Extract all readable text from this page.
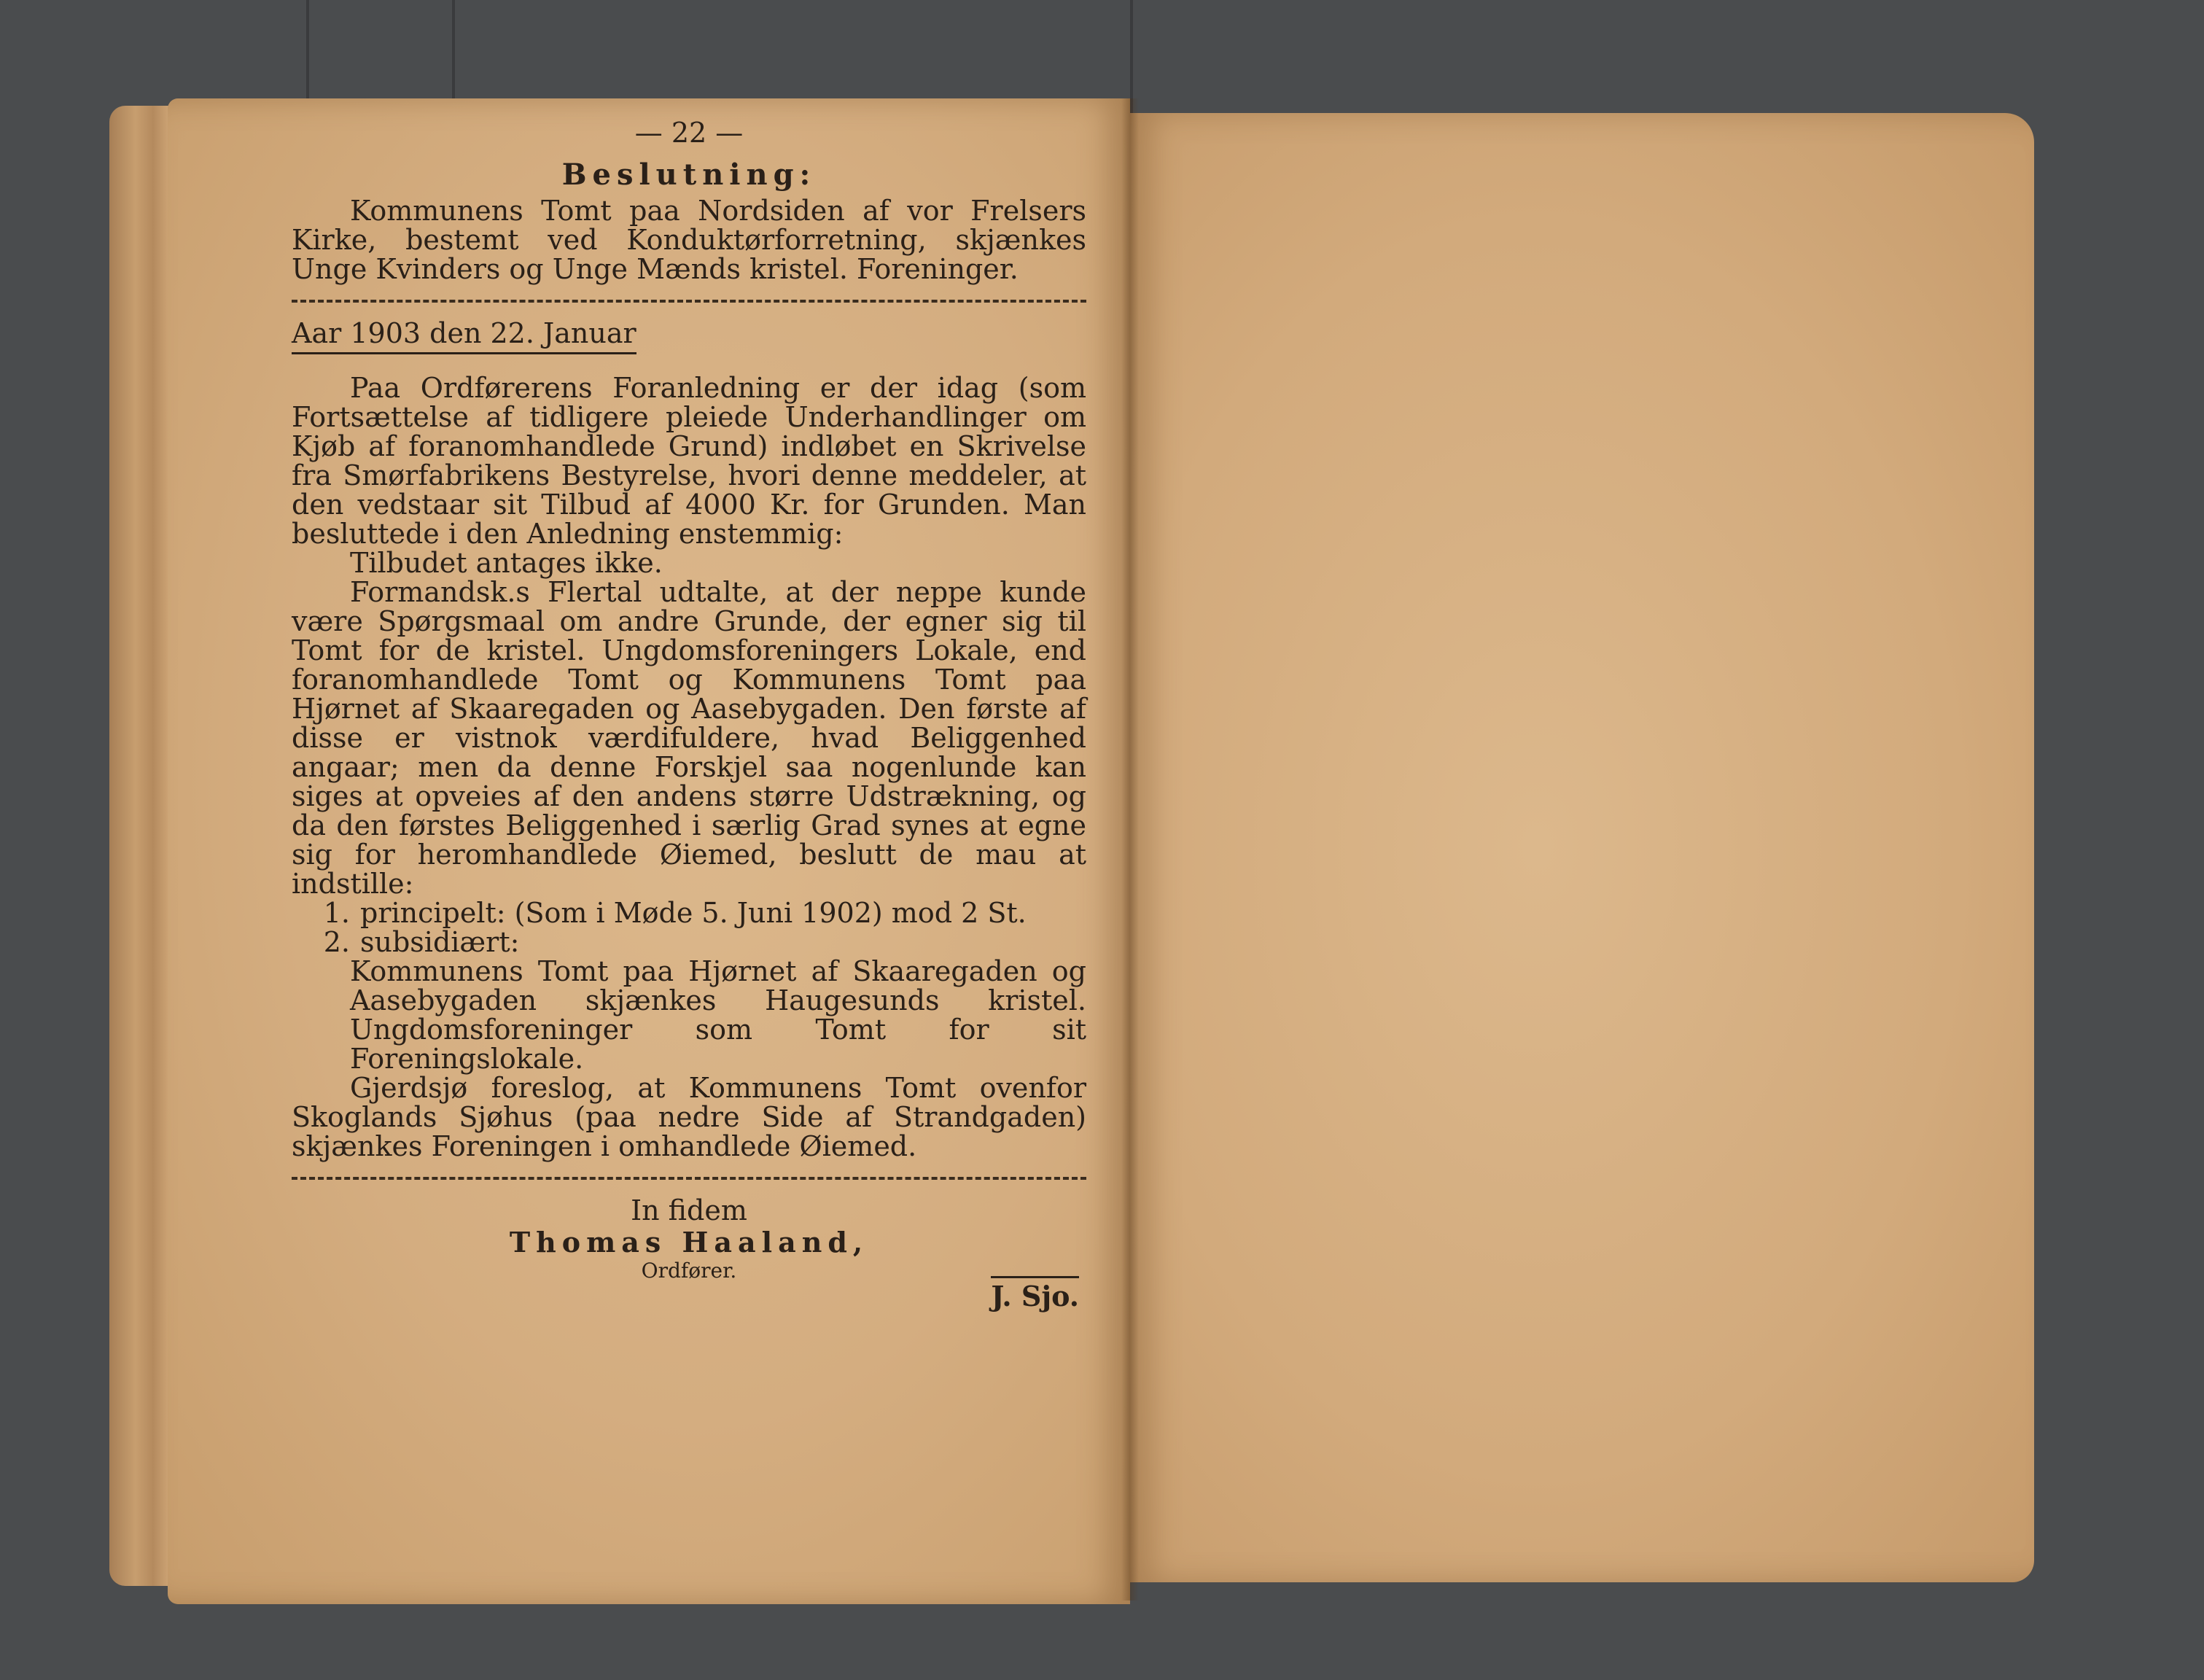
— 22 —
Beslutning:

Kommunens Tomt paa Nordsiden af vor Frelsers Kirke, bestemt ved Konduktørforretning, skjænkes Unge Kvinders og Unge Mænds kristel. Foreninger.

Aar 1903 den 22. Januar

Paa Ordførerens Foranledning er der idag (som Fortsættelse af tidligere pleiede Underhandlinger om Kjøb af foranomhandlede Grund) indløbet en Skrivelse fra Smørfabrikens Bestyrelse, hvori denne meddeler, at den vedstaar sit Tilbud af 4000 Kr. for Grunden. Man besluttede i den Anledning enstemmig:

Tilbudet antages ikke.

Formandsk.s Flertal udtalte, at der neppe kunde være Spørgsmaal om andre Grunde, der egner sig til Tomt for de kristel. Ungdomsforeningers Lokale, end foranomhandlede Tomt og Kommunens Tomt paa Hjørnet af Skaaregaden og Aasebygaden. Den første af disse er vistnok værdifuldere, hvad Beliggenhed angaar; men da denne Forskjel saa nogenlunde kan siges at opveies af den andens større Udstrækning, og da den førstes Beliggenhed i særlig Grad synes at egne sig for heromhandlede Øiemed, beslutt de mau at indstille:

1. principelt: (Som i Møde 5. Juni 1902) mod 2 St.
2. subsidiært:

Kommunens Tomt paa Hjørnet af Skaaregaden og Aasebygaden skjænkes Haugesunds kristel. Ungdomsforeninger som Tomt for sit Foreningslokale.

Gjerdsjø foreslog, at Kommunens Tomt ovenfor Skoglands Sjøhus (paa nedre Side af Strandgaden) skjænkes Foreningen i omhandlede Øiemed.

In fidem
Thomas Haaland,
Ordfører.
J. Sjo.
